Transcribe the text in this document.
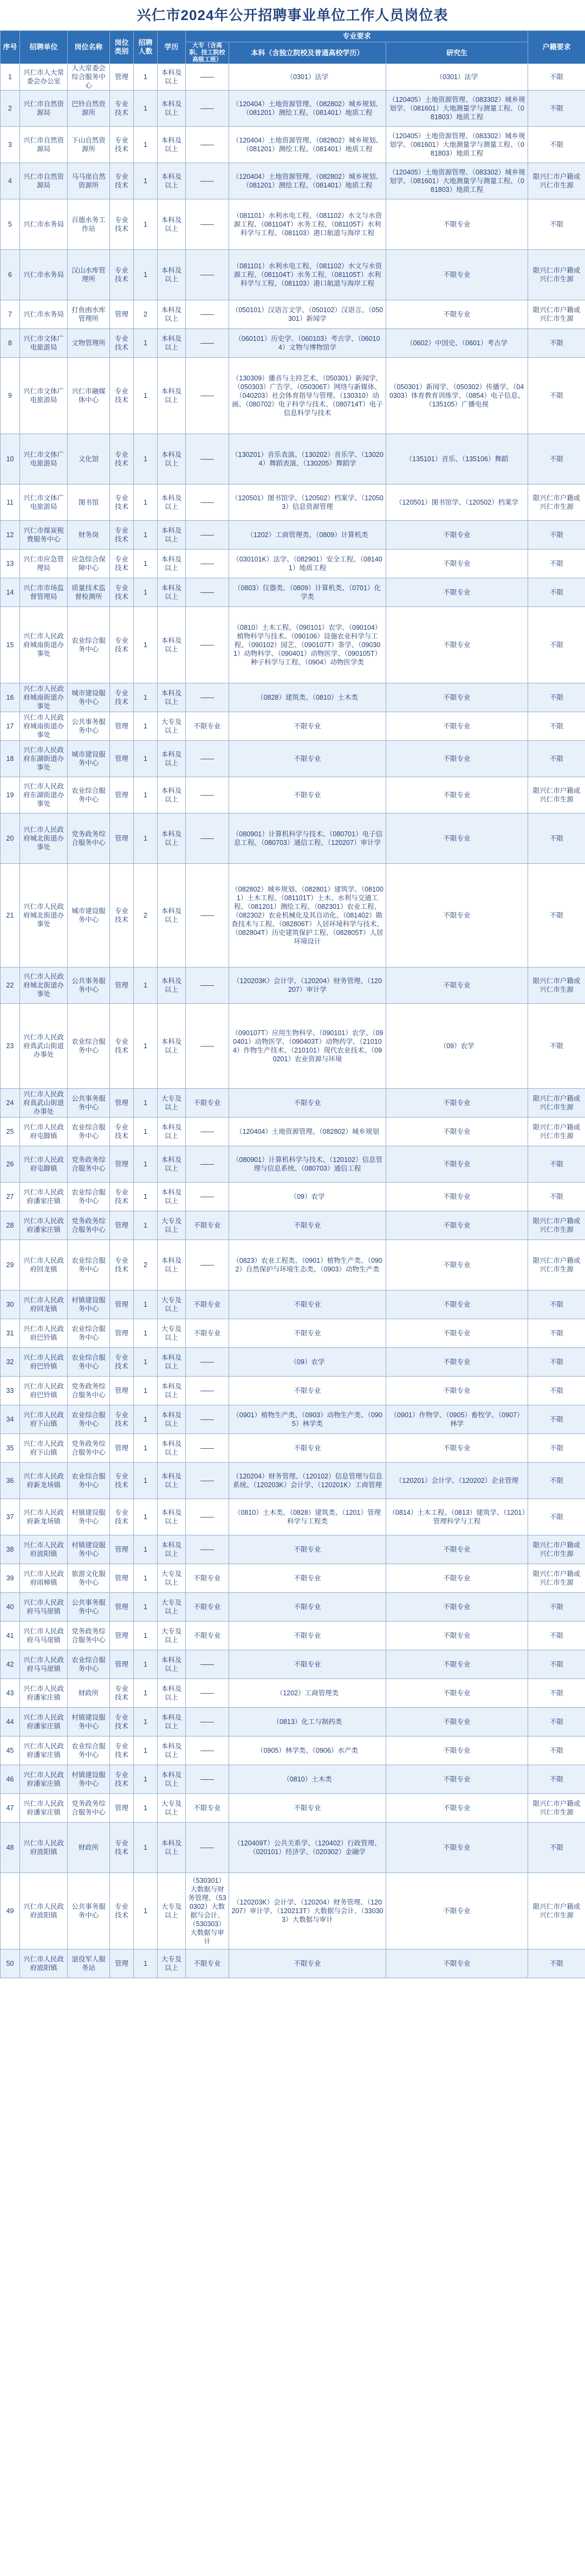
兴仁市2024年公开招聘事业单位工作人员岗位表
序号	招聘单位	岗位名称	岗位类别	招聘人数	学历	专业要求			户籍要求
						大专（含高职、技工院校高级工班）	本科（含独立院校及普通高校学历）	研究生	
1	兴仁市人大常委会办公室	人大常委会综合服务中心	管理	1	本科及以上	——	（0301）法学	（0301）法学	不限
2	兴仁市自然资源局	巴铃自然资源所	专业技术	1	本科及以上	——	（120404）土地资源管理、（082802）城乡规划、（081201）测绘工程、（081401）地质工程	（120405）土地资源管理、（083302）城乡规划学、（081601）大地测量学与测量工程、（081803）地质工程	不限
3	兴仁市自然资源局	下山自然资源所	专业技术	1	本科及以上	——	（120404）土地资源管理、（082802）城乡规划、（081201）测绘工程、（081401）地质工程	（120405）土地资源管理、（083302）城乡规划学、（081601）大地测量学与测量工程、（081803）地质工程	不限
4	兴仁市自然资源局	马马崖自然资源所	专业技术	1	本科及以上	——	（120404）土地资源管理、（082802）城乡规划、（081201）测绘工程、（081401）地质工程	（120405）土地资源管理、（083302）城乡规划学、（081601）大地测量学与测量工程、（081803）地质工程	限兴仁市户籍或兴仁市生源
5	兴仁市水务局	百德水务工作站	专业技术	1	本科及以上	——	（081101）水利水电工程、（081102）水文与水资源工程、（081104T）水务工程、（081105T）水利科学与工程、（081103）港口航道与海岸工程	不限专业	不限
6	兴仁市水务局	汉山水库管理所	专业技术	1	本科及以上	——	（081101）水利水电工程、（081102）水文与水资源工程、（081104T）水务工程、（081105T）水利科学与工程、（081103）港口航道与海岸工程	不限专业	限兴仁市户籍或兴仁市生源
7	兴仁市水务局	打鱼凼水库管理所	管理	2	本科及以上	——	（050101）汉语言文学、（050102）汉语言、（050301）新闻学	不限专业	限兴仁市户籍或兴仁市生源
8	兴仁市文体广电旅游局	文物管理所	专业技术	1	本科及以上	——	（060101）历史学、（060103）考古学、（060104）文物与博物馆学	（0602）中国史、（0601）考古学	不限
9	兴仁市文体广电旅游局	兴仁市融媒体中心	专业技术	1	本科及以上	——	（130309）播音与主持艺术、（050301）新闻学、（050303）广告学、（050306T）网络与新媒体、（040203）社会体育指导与管理、（130310）动画、（080702）电子科学与技术、（080714T）电子信息科学与技术	（050301）新闻学、（050302）传播学、（040303）体育教育训练学、（0854）电子信息、（135105）广播电视	不限
10	兴仁市文体广电旅游局	文化馆	专业技术	1	本科及以上	——	（130201）音乐表演、（130202）音乐学、（130204）舞蹈表演、（130205）舞蹈学	（135101）音乐、（135106）舞蹈	不限
11	兴仁市文体广电旅游局	图书馆	专业技术	1	本科及以上	——	（120501）图书馆学、（120502）档案学、（120503）信息资源管理	（120501）图书馆学、（120502）档案学	限兴仁市户籍或兴仁市生源
12	兴仁市煤炭税费服务中心	财务岗	专业技术	1	本科及以上	——	（1202）工商管理类、（0809）计算机类	不限专业	不限
13	兴仁市应急管理局	应急综合保障中心	专业技术	1	本科及以上	——	（030101K）法学、（082901）安全工程、（081401）地质工程	不限专业	不限
14	兴仁市市场监督管理局	质量技术监督检测所	专业技术	1	本科及以上	——	（0803）仪器类、（0809）计算机类、（0701）化学类	不限专业	不限
15	兴仁市人民政府城南街道办事处	农业综合服务中心	专业技术	1	本科及以上	——	（0810）土木工程、（090101）农学、（090104）植物科学与技术、（090106）设施农业科学与工程、（090102）园艺、（090107T）茶学、（090301）动物科学、（090401）动物医学、（090105T）种子科学与工程、（0904）动物医学类	不限专业	不限
16	兴仁市人民政府城南街道办事处	城市建设服务中心	专业技术	1	本科及以上	——	（0828）建筑类、（0810）土木类	不限专业	不限
17	兴仁市人民政府城南街道办事处	公共事务服务中心	管理	1	大专及以上	不限专业	不限专业	不限专业	不限
18	兴仁市人民政府东湖街道办事处	城市建设服务中心	管理	1	本科及以上	——	不限专业	不限专业	不限
19	兴仁市人民政府东湖街道办事处	农业综合服务中心	管理	1	本科及以上	——	不限专业	不限专业	限兴仁市户籍或兴仁市生源
20	兴仁市人民政府城北街道办事处	党务政务综合服务中心	管理	1	本科及以上	——	（080901）计算机科学与技术、（080701）电子信息工程、（080703）通信工程、（120207）审计学	不限专业	不限
21	兴仁市人民政府城北街道办事处	城市建设服务中心	专业技术	2	本科及以上	——	（082802）城乡规划、（082801）建筑学、（081001）土木工程、（081101T）土木、水利与交通工程、（081201）测绘工程、（082301）农业工程、（082302）农业机械化及其自动化、（081402）勘查技术与工程、（082806T）人居环境科学与技术、（082804T）历史建筑保护工程、（082805T）人居环境设计	不限专业	不限
22	兴仁市人民政府城北街道办事处	公共事务服务中心	管理	1	本科及以上	——	（120203K）会计学、（120204）财务管理、（120207）审计学	不限专业	限兴仁市户籍或兴仁市生源
23	兴仁市人民政府真武山街道办事处	农业综合服务中心	专业技术	1	本科及以上	——	（090107T）应用生物科学、（090101）农学、（090401）动物医学、（090403T）动物药学、（210104）作物生产技术、（210101）现代农业技术、（090201）农业资源与环境	（09）农学	不限
24	兴仁市人民政府真武山街道办事处	公共事务服务中心	管理	1	大专及以上	不限专业	不限专业	不限专业	限兴仁市户籍或兴仁市生源
25	兴仁市人民政府屯脚镇	农业综合服务中心	专业技术	1	本科及以上	——	（120404）土地资源管理、（082802）城乡规划	不限专业	限兴仁市户籍或兴仁市生源
26	兴仁市人民政府屯脚镇	党务政务综合服务中心	管理	1	本科及以上	——	（080901）计算机科学与技术、（120102）信息管理与信息系统、（080703）通信工程	不限专业	不限
27	兴仁市人民政府潘家庄镇	农业综合服务中心	专业技术	1	本科及以上	——	（09）农学	不限专业	不限
28	兴仁市人民政府潘家庄镇	党务政务综合服务中心	管理	1	大专及以上	不限专业	不限专业	不限专业	限兴仁市户籍或兴仁市生源
29	兴仁市人民政府回龙镇	农业综合服务中心	专业技术	2	本科及以上	——	（0823）农业工程类、（0901）植物生产类、（0902）自然保护与环境生态类、（0903）动物生产类	不限专业	限兴仁市户籍或兴仁市生源
30	兴仁市人民政府回龙镇	村镇建设服务中心	管理	1	大专及以上	不限专业	不限专业	不限专业	不限
31	兴仁市人民政府巴铃镇	农业综合服务中心	管理	1	大专及以上	不限专业	不限专业	不限专业	不限
32	兴仁市人民政府巴铃镇	农业综合服务中心	专业技术	1	本科及以上	——	（09）农学	不限专业	不限
33	兴仁市人民政府巴铃镇	党务政务综合服务中心	管理	1	本科及以上	——	不限专业	不限专业	不限
34	兴仁市人民政府下山镇	农业综合服务中心	专业技术	1	本科及以上	——	（0901）植物生产类、（0903）动物生产类、（0905）林学类	（0901）作物学、（0905）畜牧学、（0907）林学	不限
35	兴仁市人民政府下山镇	党务政务综合服务中心	管理	1	本科及以上	——	不限专业	不限专业	不限
36	兴仁市人民政府新龙场镇	农业综合服务中心	专业技术	1	本科及以上	——	（120204）财务管理、（120102）信息管理与信息系统、（120203K）会计学、（120201K）工商管理	（120201）会计学、（120202）企业管理	不限
37	兴仁市人民政府新龙场镇	村镇建设服务中心	专业技术	1	本科及以上	——	（0810）土木类、（0828）建筑类、（1201）管理科学与工程类	（0814）土木工程、（0813）建筑学、（1201）管理科学与工程	不限
38	兴仁市人民政府波阳镇	村镇建设服务中心	管理	1	本科及以上	——	不限专业	不限专业	限兴仁市户籍或兴仁市生源
39	兴仁市人民政府雨樟镇	旅游文化服务中心	管理	1	大专及以上	不限专业	不限专业	不限专业	限兴仁市户籍或兴仁市生源
40	兴仁市人民政府马马崖镇	公共事务服务中心	管理	1	大专及以上	不限专业	不限专业	不限专业	不限
41	兴仁市人民政府马马崖镇	党务政务综合服务中心	管理	1	大专及以上	不限专业	不限专业	不限专业	不限
42	兴仁市人民政府马马崖镇	农业综合服务中心	管理	1	本科及以上	——	不限专业	不限专业	不限
43	兴仁市人民政府潘家庄镇	财政所	专业技术	1	本科及以上	——	（1202）工商管理类	不限专业	不限
44	兴仁市人民政府潘家庄镇	村镇建设服务中心	专业技术	1	本科及以上	——	（0813）化工与制药类	不限专业	不限
45	兴仁市人民政府潘家庄镇	农业综合服务中心	专业技术	1	本科及以上	——	（0905）林学类、（0906）水产类	不限专业	不限
46	兴仁市人民政府潘家庄镇	村镇建设服务中心	专业技术	1	本科及以上	——	（0810）土木类	不限专业	不限
47	兴仁市人民政府潘家庄镇	党务政务综合服务中心	管理	1	大专及以上	不限专业	不限专业	不限专业	限兴仁市户籍或兴仁市生源
48	兴仁市人民政府波阳镇	财政所	专业技术	1	本科及以上	——	（120409T）公共关系学、（120402）行政管理、（020101）经济学、（020302）金融学	不限专业	不限
49	兴仁市人民政府波阳镇	公共事务服务中心	专业技术	1	大专及以上	（530301）大数据与财务管理、（530302）大数据与会计、（530303）大数据与审计	（120203K）会计学、（120204）财务管理、（120207）审计学、（120213T）大数据与会计、（330303）大数据与审计	不限专业	限兴仁市户籍或兴仁市生源
50	兴仁市人民政府波阳镇	退役军人服务站	管理	1	大专及以上	不限专业	不限专业	不限专业	不限
